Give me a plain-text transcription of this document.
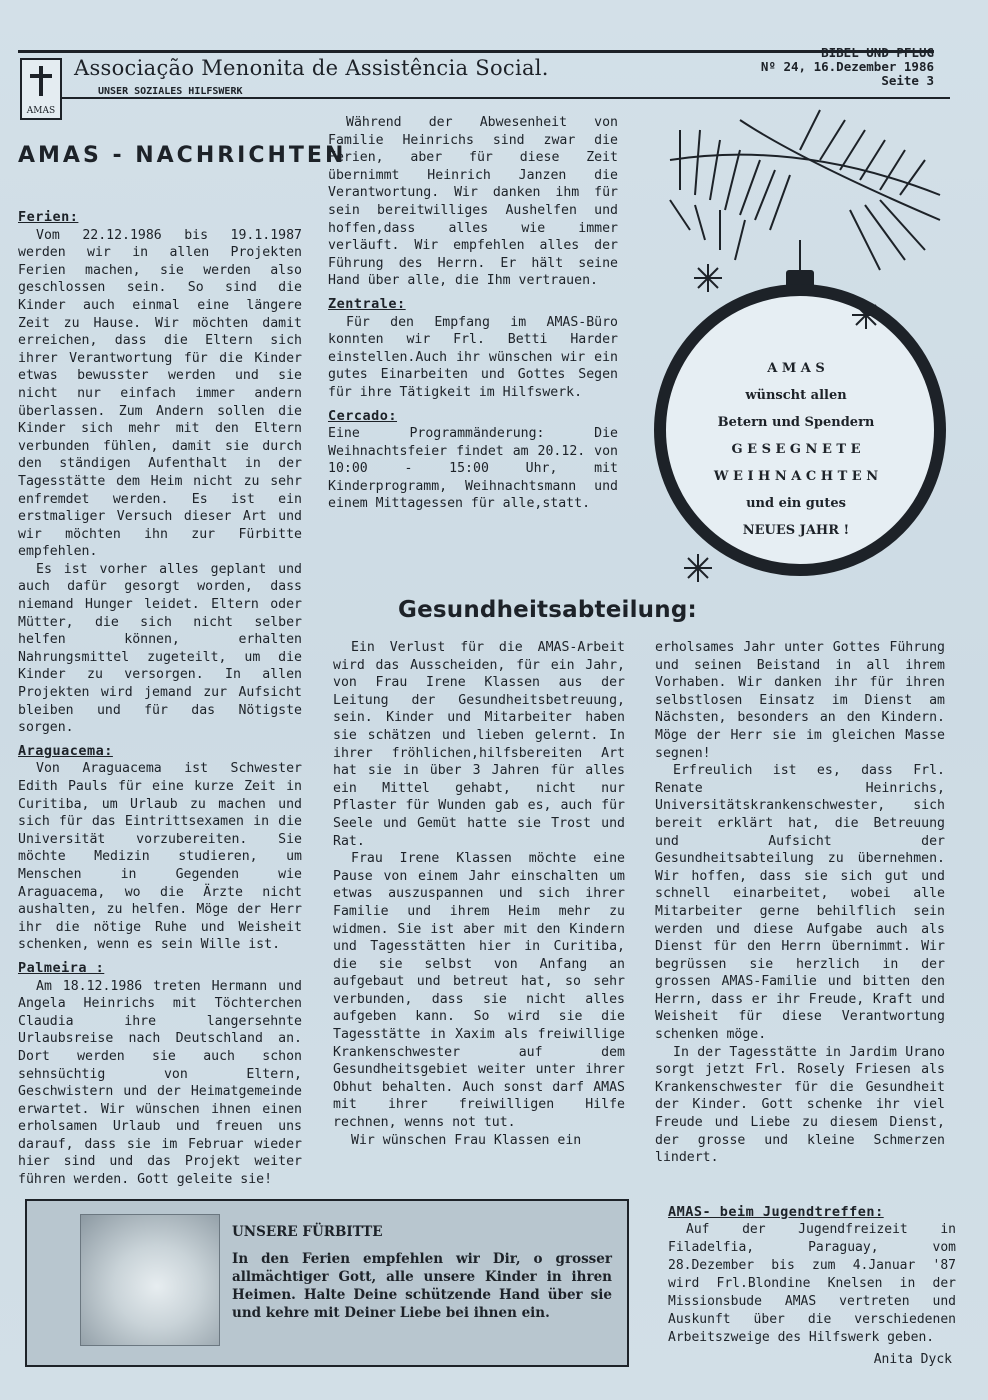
AMAS
Associação Menonita de Assistência Social.
UNSER SOZIALES HILFSWERK
BIBEL UND PFLUG
Nº 24, 16.Dezember 1986
Seite 3
AMAS - NACHRICHTEN
Ferien:

Vom 22.12.1986 bis 19.1.1987 werden wir in allen Projekten Ferien machen, sie werden also geschlossen sein. So sind die Kinder auch einmal eine längere Zeit zu Hause. Wir möchten damit erreichen, dass die Eltern sich ihrer Verantwortung für die Kinder etwas bewusster werden und sie nicht nur einfach immer andern überlassen. Zum Andern sollen die Kinder sich mehr mit den Eltern verbunden fühlen, damit sie durch den ständigen Aufenthalt in der Tagesstätte dem Heim nicht zu sehr enfremdet werden. Es ist ein erstmaliger Versuch dieser Art und wir möchten ihn zur Fürbitte empfehlen.

Es ist vorher alles geplant und auch dafür gesorgt worden, dass niemand Hunger leidet. Eltern oder Mütter, die sich nicht selber helfen können, erhalten Nahrungsmittel zugeteilt, um die Kinder zu versorgen. In allen Projekten wird jemand zur Aufsicht bleiben und für das Nötigste sorgen.

Araguacema:

Von Araguacema ist Schwester Edith Pauls für eine kurze Zeit in Curitiba, um Urlaub zu machen und sich für das Eintrittsexamen in die Universität vorzubereiten. Sie möchte Medizin studieren, um Menschen in Gegenden wie Araguacema, wo die Ärzte nicht aushalten, zu helfen. Möge der Herr ihr die nötige Ruhe und Weisheit schenken, wenn es sein Wille ist.

Palmeira :

Am 18.12.1986 treten Hermann und Angela Heinrichs mit Töchterchen Claudia ihre langersehnte Urlaubsreise nach Deutschland an. Dort werden sie auch schon sehnsüchtig von Eltern, Geschwistern und der Heimatgemeinde erwartet. Wir wünschen ihnen einen erholsamen Urlaub und freuen uns darauf, dass sie im Februar wieder hier sind und das Projekt weiter führen werden. Gott geleite sie!

Während der Abwesenheit von Familie Heinrichs sind zwar die Ferien, aber für diese Zeit übernimmt Heinrich Janzen die Verantwortung. Wir danken ihm für sein bereitwilliges Aushelfen und hoffen,dass alles wie immer verläuft. Wir empfehlen alles der Führung des Herrn. Er hält seine Hand über alle, die Ihm vertrauen.

Zentrale:

Für den Empfang im AMAS-Büro konnten wir Frl. Betti Harder einstellen.Auch ihr wünschen wir ein gutes Einarbeiten und Gottes Segen für ihre Tätigkeit im Hilfswerk.

Cercado:

Eine Programmänderung: Die Weihnachtsfeier findet am 20.12. von 10:00 - 15:00 Uhr, mit Kinderprogramm, Weihnachtsmann und einem Mittagessen für alle,statt.

A M A S
wünscht allen
Betern und Spendern
G E S E G N E T E
W E I H N A C H T E N
und ein gutes
NEUES JAHR !
Gesundheitsabteilung:

Ein Verlust für die AMAS-Arbeit wird das Ausscheiden, für ein Jahr, von Frau Irene Klassen aus der Leitung der Gesundheitsbetreuung, sein. Kinder und Mitarbeiter haben sie schätzen und lieben gelernt. In ihrer fröhlichen,hilfsbereiten Art hat sie in über 3 Jahren für alles ein Mittel gehabt, nicht nur Pflaster für Wunden gab es, auch für Seele und Gemüt hatte sie Trost und Rat.

Frau Irene Klassen möchte eine Pause von einem Jahr einschalten um etwas auszuspannen und sich ihrer Familie und ihrem Heim mehr zu widmen. Sie ist aber mit den Kindern und Tagesstätten hier in Curitiba, die sie selbst von Anfang an aufgebaut und betreut hat, so sehr verbunden, dass sie nicht alles aufgeben kann. So wird sie die Tagesstätte in Xaxim als freiwillige Krankenschwester auf dem Gesundheitsgebiet weiter unter ihrer Obhut behalten. Auch sonst darf AMAS mit ihrer freiwilligen Hilfe rechnen, wenns not tut.

Wir wünschen Frau Klassen ein

erholsames Jahr unter Gottes Führung und seinen Beistand in all ihrem Vorhaben. Wir danken ihr für ihren selbstlosen Einsatz im Dienst am Nächsten, besonders an den Kindern. Möge der Herr sie im gleichen Masse segnen!

Erfreulich ist es, dass Frl. Renate Heinrichs, Universitätskrankenschwester, sich bereit erklärt hat, die Betreuung und Aufsicht der Gesundheitsabteilung zu übernehmen. Wir hoffen, dass sie sich gut und schnell einarbeitet, wobei alle Mitarbeiter gerne behilflich sein werden und diese Aufgabe auch als Dienst für den Herrn übernimmt. Wir begrüssen sie herzlich in der grossen AMAS-Familie und bitten den Herrn, dass er ihr Freude, Kraft und Weisheit für diese Verantwortung schenken möge.

In der Tagesstätte in Jardim Urano sorgt jetzt Frl. Rosely Friesen als Krankenschwester für die Gesundheit der Kinder. Gott schenke ihr viel Freude und Liebe zu diesem Dienst, der grosse und kleine Schmerzen lindert.

AMAS- beim Jugendtreffen:

Auf der Jugendfreizeit in Filadelfia, Paraguay, vom 28.Dezember bis zum 4.Januar '87 wird Frl.Blondine Knelsen in der Missionsbude AMAS vertreten und Auskunft über die verschiedenen Arbeitszweige des Hilfswerk geben.

Anita Dyck
UNSERE FÜRBITTE
In den Ferien empfehlen wir Dir, o grosser allmächtiger Gott, alle unsere Kinder in ihren Heimen. Halte Deine schützende Hand über sie und kehre mit Deiner Liebe bei ihnen ein.
